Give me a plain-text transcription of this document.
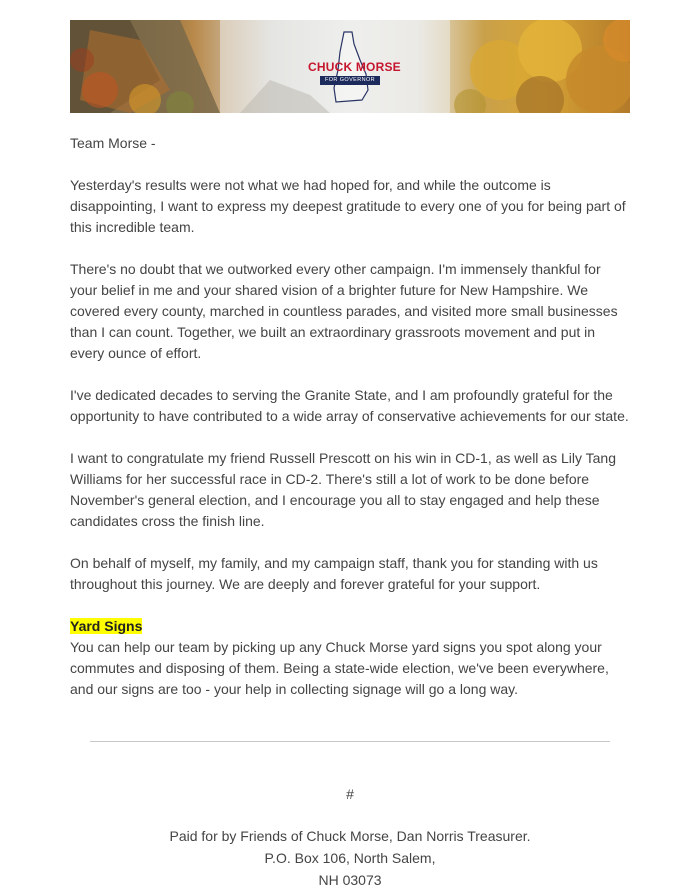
CHUCK MORSE
FOR GOVERNOR

Team Morse -

Yesterday's results were not what we had hoped for, and while the outcome is disappointing, I want to express my deepest gratitude to every one of you for being part of this incredible team.

There's no doubt that we outworked every other campaign. I'm immensely thankful for your belief in me and your shared vision of a brighter future for New Hampshire. We covered every county, marched in countless parades, and visited more small businesses than I can count. Together, we built an extraordinary grassroots movement and put in every ounce of effort.

I've dedicated decades to serving the Granite State, and I am profoundly grateful for the opportunity to have contributed to a wide array of conservative achievements for our state.

I want to congratulate my friend Russell Prescott on his win in CD-1, as well as Lily Tang Williams for her successful race in CD-2. There's still a lot of work to be done before November's general election, and I encourage you all to stay engaged and help these candidates cross the finish line.

On behalf of myself, my family, and my campaign staff, thank you for standing with us throughout this journey. We are deeply and forever grateful for your support.

Yard Signs

You can help our team by picking up any Chuck Morse yard signs you spot along your commutes and disposing of them. Being a state-wide election, we've been everywhere, and our signs are too - your help in collecting signage will go a long way.

#
Paid for by Friends of Chuck Morse, Dan Norris Treasurer.
P.O. Box 106, North Salem,
NH 03073
